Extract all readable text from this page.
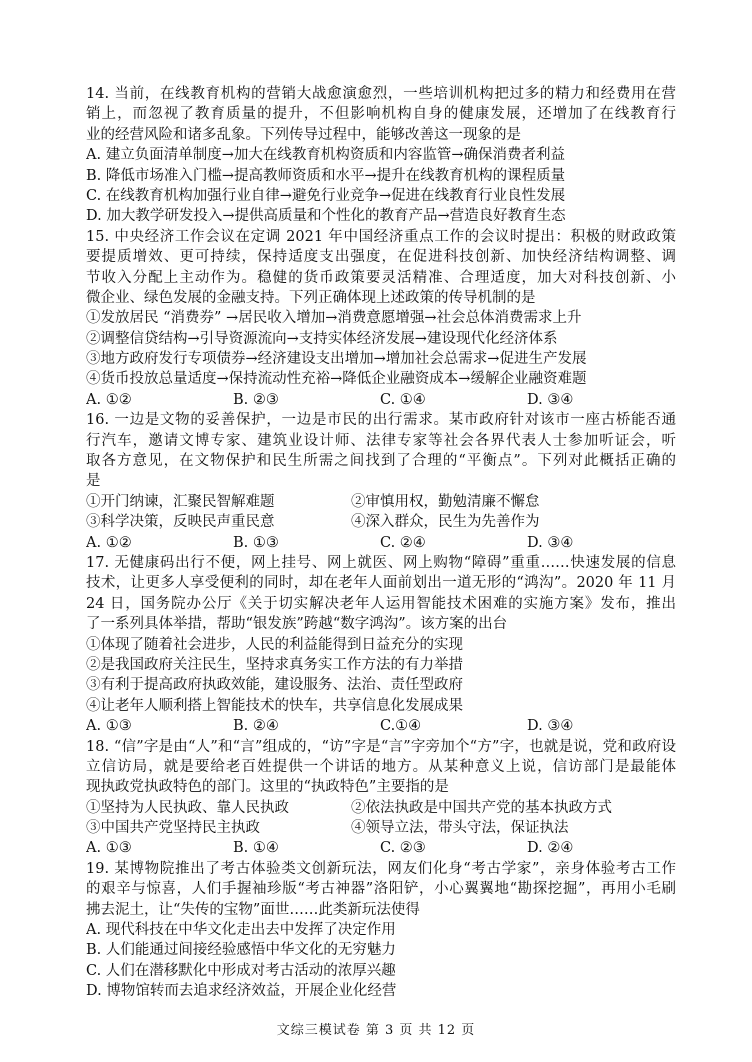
14. 当前，在线教育机构的营销大战愈演愈烈，一些培训机构把过多的精力和经费用在营
销上，而忽视了教育质量的提升，不但影响机构自身的健康发展，还增加了在线教育行
业的经营风险和诸多乱象。下列传导过程中，能够改善这一现象的是
A. 建立负面清单制度→加大在线教育机构资质和内容监管→确保消费者利益
B. 降低市场准入门槛→提高教师资质和水平→提升在线教育机构的课程质量
C. 在线教育机构加强行业自律→避免行业竞争→促进在线教育行业良性发展
D. 加大教学研发投入→提供高质量和个性化的教育产品→营造良好教育生态
15. 中央经济工作会议在定调 2021 年中国经济重点工作的会议时提出：积极的财政政策
要提质增效、更可持续，保持适度支出强度，在促进科技创新、加快经济结构调整、调
节收入分配上主动作为。稳健的货币政策要灵活精准、合理适度，加大对科技创新、小
微企业、绿色发展的金融支持。下列正确体现上述政策的传导机制的是
①发放居民 “消费券” →居民收入增加→消费意愿增强→社会总体消费需求上升
②调整信贷结构→引导资源流向→支持实体经济发展→建设现代化经济体系
③地方政府发行专项债券→经济建设支出增加→增加社会总需求→促进生产发展
④货币投放总量适度→保持流动性充裕→降低企业融资成本→缓解企业融资难题
A. ①②	B. ②③	C. ①④	D. ③④
16. 一边是文物的妥善保护，一边是市民的出行需求。某市政府针对该市一座古桥能否通
行汽车，邀请文博专家、建筑业设计师、法律专家等社会各界代表人士参加听证会，听
取各方意见，在文物保护和民生所需之间找到了合理的“平衡点”。下列对此概括正确的
是
①开门纳谏，汇聚民智解难题	②审慎用权，勤勉清廉不懈怠
③科学决策，反映民声重民意	④深入群众，民生为先善作为
A. ①②	B. ①③	C. ②④	D. ③④
17. 无健康码出行不便，网上挂号、网上就医、网上购物“障碍”重重……快速发展的信息
技术，让更多人享受便利的同时，却在老年人面前划出一道无形的“鸿沟”。2020 年 11 月
24 日，国务院办公厅《关于切实解决老年人运用智能技术困难的实施方案》发布，推出
了一系列具体举措，帮助“银发族”跨越“数字鸿沟”。该方案的出台
①体现了随着社会进步，人民的利益能得到日益充分的实现
②是我国政府关注民生，坚持求真务实工作方法的有力举措
③有利于提高政府执政效能，建设服务、法治、责任型政府
④让老年人顺利搭上智能技术的快车，共享信息化发展成果
A. ①③	B. ②④	C.①④	D. ③④
18. “信”字是由“人”和“言”组成的，“访”字是“言”字旁加个“方”字，也就是说，党和政府设
立信访局，就是要给老百姓提供一个讲话的地方。从某种意义上说，信访部门是最能体
现执政党执政特色的部门。这里的“执政特色”主要指的是
①坚持为人民执政、靠人民执政	②依法执政是中国共产党的基本执政方式
③中国共产党坚持民主执政	④领导立法，带头守法，保证执法
A. ①③	B. ①④	C. ②③	D. ②④
19. 某博物院推出了考古体验类文创新玩法，网友们化身“考古学家”，亲身体验考古工作
的艰辛与惊喜，人们手握袖珍版“考古神器”洛阳铲，小心翼翼地“勘探挖掘”，再用小毛刷
拂去泥土，让“失传的宝物”面世……此类新玩法使得
A. 现代科技在中华文化走出去中发挥了决定作用
B. 人们能通过间接经验感悟中华文化的无穷魅力
C. 人们在潜移默化中形成对考古活动的浓厚兴趣
D. 博物馆转而去追求经济效益，开展企业化经营
文综三模试卷 第 3 页 共 12 页
